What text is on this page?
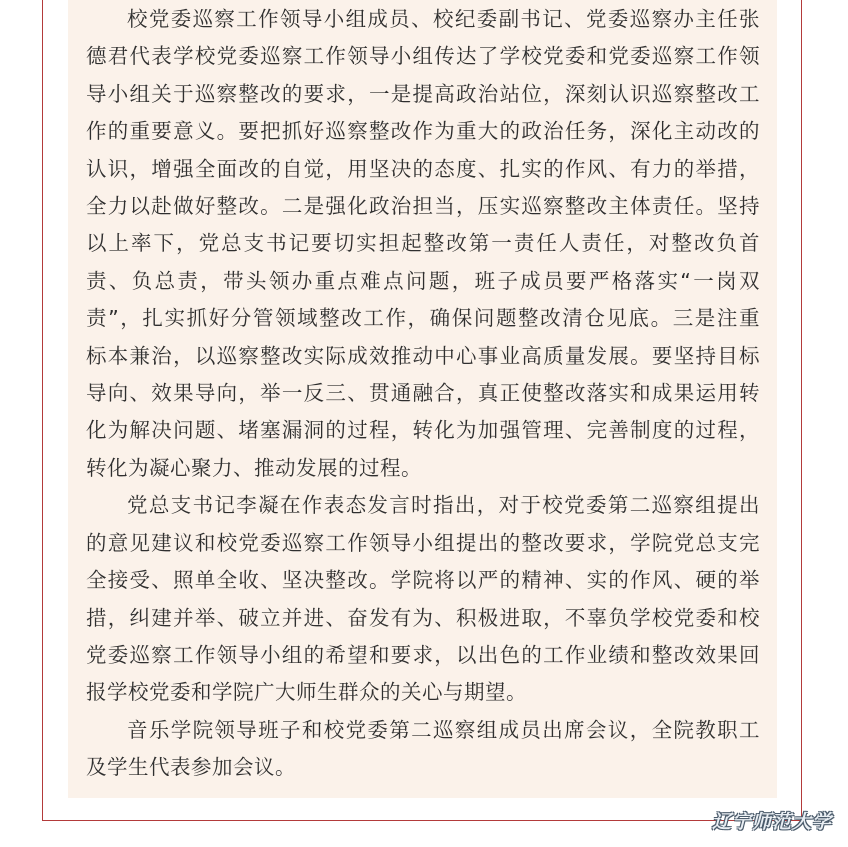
校党委巡察工作领导小组成员、校纪委副书记、党委巡察办主任张
德君代表学校党委巡察工作领导小组传达了学校党委和党委巡察工作领
导小组关于巡察整改的要求，一是提高政治站位，深刻认识巡察整改工
作的重要意义。要把抓好巡察整改作为重大的政治任务，深化主动改的
认识，增强全面改的自觉，用坚决的态度、扎实的作风、有力的举措，
全力以赴做好整改。二是强化政治担当，压实巡察整改主体责任。坚持
以上率下，党总支书记要切实担起整改第一责任人责任，对整改负首
责、负总责，带头领办重点难点问题，班子成员要严格落实“一岗双
责”，扎实抓好分管领域整改工作，确保问题整改清仓见底。三是注重
标本兼治，以巡察整改实际成效推动中心事业高质量发展。要坚持目标
导向、效果导向，举一反三、贯通融合，真正使整改落实和成果运用转
化为解决问题、堵塞漏洞的过程，转化为加强管理、完善制度的过程，
转化为凝心聚力、推动发展的过程。
党总支书记李凝在作表态发言时指出，对于校党委第二巡察组提出
的意见建议和校党委巡察工作领导小组提出的整改要求，学院党总支完
全接受、照单全收、坚决整改。学院将以严的精神、实的作风、硬的举
措，纠建并举、破立并进、奋发有为、积极进取，不辜负学校党委和校
党委巡察工作领导小组的希望和要求，以出色的工作业绩和整改效果回
报学校党委和学院广大师生群众的关心与期望。
音乐学院领导班子和校党委第二巡察组成员出席会议，全院教职工
及学生代表参加会议。
辽宁师范大学
